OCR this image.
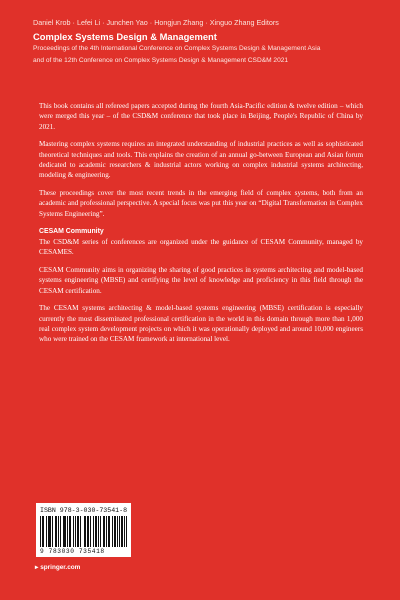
Daniel Krob · Lefei Li · Junchen Yao · Hongjun Zhang · Xinguo Zhang Editors
Complex Systems Design & Management
Proceedings of the 4th International Conference on Complex Systems Design & Management Asia
and of the 12th Conference on Complex Systems Design & Management CSD&M 2021

This book contains all refereed papers accepted during the fourth Asia-Pacific edition & twelve edition – which were merged this year – of the CSD&M conference that took place in Beijing, People's Republic of China by 2021.

Mastering complex systems requires an integrated understanding of industrial practices as well as sophisticated theoretical techniques and tools. This explains the creation of an annual go-between European and Asian forum dedicated to academic researchers & industrial actors working on complex industrial systems architecting, modeling & engineering.

These proceedings cover the most recent trends in the emerging field of complex systems, both from an academic and professional perspective. A special focus was put this year on “Digital Transformation in Complex Systems Engineering”.

CESAM Community

The CSD&M series of conferences are organized under the guidance of CESAM Community, managed by CESAMES.

CESAM Community aims in organizing the sharing of good practices in systems architecting and model-based systems engineering (MBSE) and certifying the level of knowledge and proficiency in this field through the CESAM certification.

The CESAM systems architecting & model-based systems engineering (MBSE) certification is especially currently the most disseminated professional certification in the world in this domain through more than 1,000 real complex system development projects on which it was operationally deployed and around 10,000 engineers who were trained on the CESAM framework at international level.

ISBN 978-3-030-73541-8
9 783030 735418
▸ springer.com
